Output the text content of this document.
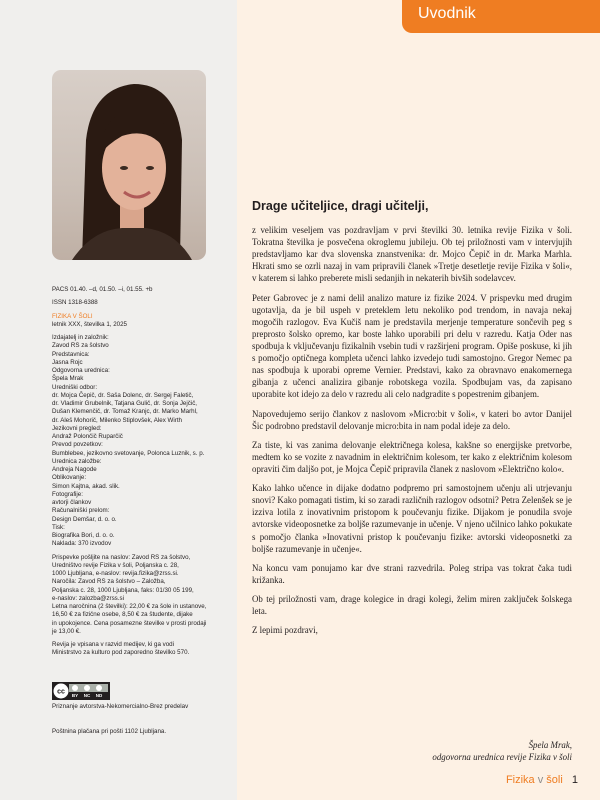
Uvodnik

PACS 01.40. –d, 01.50. –i, 01.55. +b

ISSN 1318-6388

FIZIKA V ŠOLI
letnik XXX, številka 1, 2025

Izdajatelj in založnik:
Zavod RS za šolstvo
Predstavnica:
Jasna Rojc
Odgovorna urednica:
Špela Mrak
Uredniški odbor:
dr. Mojca Čepič, dr. Saša Dolenc, dr. Sergej Faletič,
dr. Vladimir Grubelnik, Tatjana Gulič, dr. Sonja Jejčič,
Dušan Klemenčič, dr. Tomaž Kranjc, dr. Marko Marhl,
dr. Aleš Mohorič, Milenko Stiplovšek, Alex Wirth
Jezikovni pregled:
Andraž Polončič Ruparčič
Prevod povzetkov:
Bumblebee, jezikovno svetovanje, Polonca Luznik, s. p.
Urednica založbe:
Andreja Nagode
Oblikovanje:
Simon Kajtna, akad. slik.
Fotografije:
avtorji člankov
Računalniški prelom:
Design Demšar, d. o. o.
Tisk:
Biografika Bori, d. o. o.
Naklada: 370 izvodov

Prispevke pošljite na naslov: Zavod RS za šolstvo,
Uredništvo revije Fizika v šoli, Poljanska c. 28,
1000 Ljubljana, e-naslov: revija.fizika@zrss.si.
Naročila: Zavod RS za šolstvo – Založba,
Poljanska c. 28, 1000 Ljubljana, faks: 01/30 05 199,
e-naslov: zalozba@zrss.si
Letna naročnina (2 številki): 22,00 € za šole in ustanove,
16,50 € za fizične osebe, 8,50 € za študente, dijake
in upokojence. Cena posamezne številke v prosti prodaji
je 13,00 €.

Revija je vpisana v razvid medijev, ki ga vodi
Ministrstvo za kulturo pod zaporedno številko 570.

cc BY NC ND
Priznanje avtorstva-Nekomercialno-Brez predelav
Poštnina plačana pri pošti 1102 Ljubljana.
Drage učiteljice, dragi učitelji,

z velikim veseljem vas pozdravljam v prvi številki 30. letnika revije Fizika v šoli. Tokratna številka je posvečena okroglemu jubileju. Ob tej priložnosti vam v intervjujih predstavljamo kar dva slovenska znanstvenika: dr. Mojco Čepič in dr. Marka Marhla. Hkrati smo se ozrli nazaj in vam pripravili članek »Tretje desetletje revije Fizika v šoli«, v katerem si lahko preberete misli sedanjih in nekaterih bivših sodelavcev.

Peter Gabrovec je z nami delil analizo mature iz fizike 2024. V prispevku med drugim ugotavlja, da je bil uspeh v preteklem letu nekoliko pod trendom, in navaja nekaj mogočih razlogov. Eva Kučiš nam je predstavila merjenje temperature sončevih peg s preprosto šolsko opremo, kar boste lahko uporabili pri delu v razredu. Katja Oder nas spodbuja k vključevanju fizikalnih vsebin tudi v razširjeni program. Opiše poskuse, ki jih s pomočjo optičnega kompleta učenci lahko izvedejo tudi samostojno. Gregor Nemec pa nas spodbuja k uporabi opreme Vernier. Predstavi, kako za obravnavo enakomernega gibanja z učenci analizira gibanje robotskega vozila. Spodbujam vas, da zapisano uporabite kot idejo za delo v razredu ali celo nadgradite s popestrenim gibanjem.

Napovedujemo serijo člankov z naslovom »Micro:bit v šoli«, v kateri bo avtor Danijel Šic podrobno predstavil delovanje micro:bita in nam podal ideje za delo.

Za tiste, ki vas zanima delovanje električnega kolesa, kakšne so energijske pretvorbe, medtem ko se vozite z navadnim in električnim kolesom, ter kako z električnim kolesom opraviti čim daljšo pot, je Mojca Čepič pripravila članek z naslovom »Električno kolo«.

Kako lahko učence in dijake dodatno podpremo pri samostojnem učenju ali utrjevanju snovi? Kako pomagati tistim, ki so zaradi različnih razlogov odsotni? Petra Zelenšek se je izziva lotila z inovativnim pristopom k poučevanju fizike. Dijakom je ponudila svoje avtorske videoposnetke za boljše razumevanje in učenje. V njeno učilnico lahko pokukate s pomočjo članka »Inovativni pristop k poučevanju fizike: avtorski videoposnetki za boljše razumevanje in učenje«.

Na koncu vam ponujamo kar dve strani razvedrila. Poleg stripa vas tokrat čaka tudi križanka.

Ob tej priložnosti vam, drage kolegice in dragi kolegi, želim miren zaključek šolskega leta.

Z lepimi pozdravi,

Špela Mrak,
odgovorna urednica revije Fizika v šoli
Fizika v šoli 1
